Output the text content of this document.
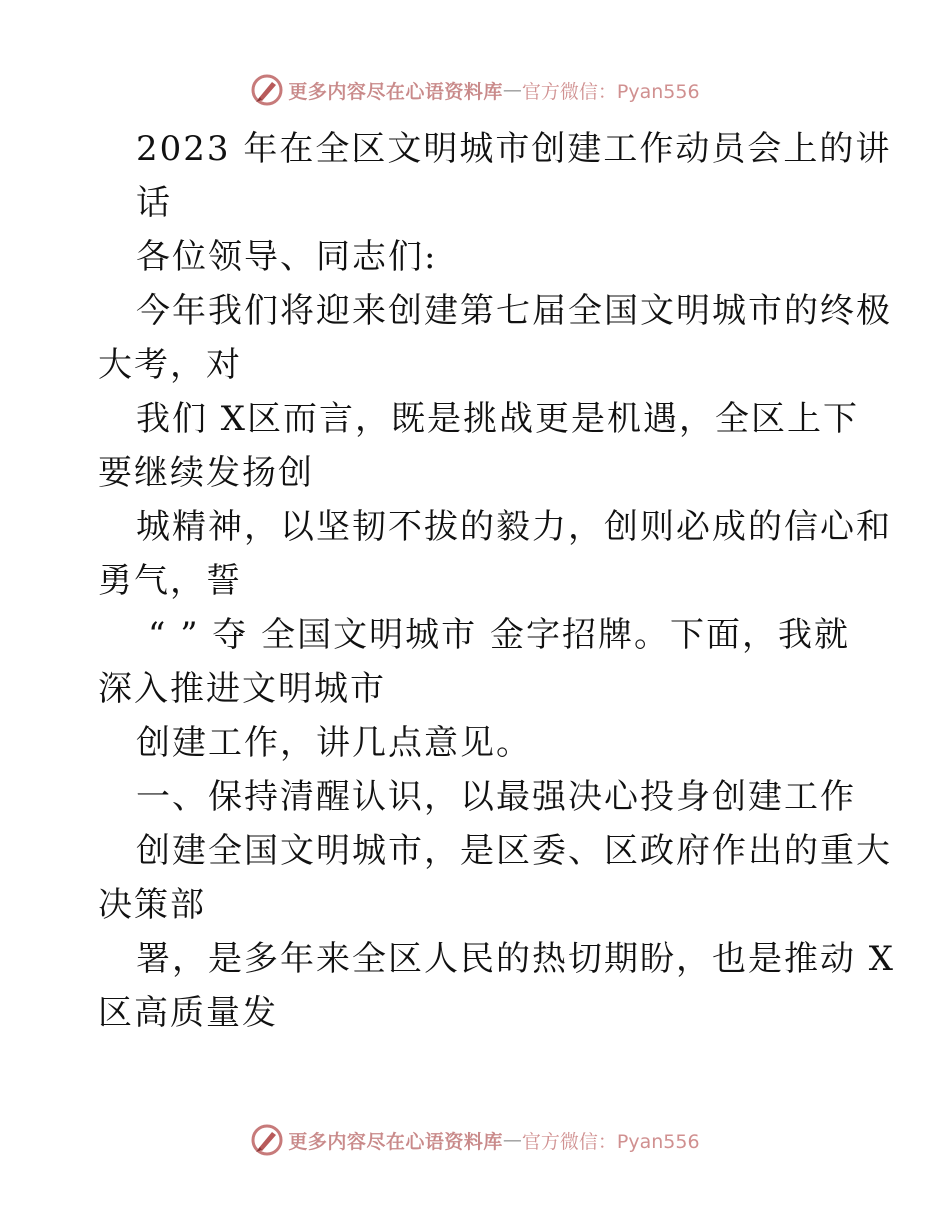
更多内容尽在心语资料库 — 官方微信：Pyan556
2023 年在全区文明城市创建工作动员会上的讲
话
各位领导、同志们:
今年我们将迎来创建第七届全国文明城市的终极
大考，对
我们 X区而言，既是挑战更是机遇，全区上下
要继续发扬创
城精神，以坚韧不拔的毅力，创则必成的信心和
勇气，誓
“ ” 夺 全国文明城市 金字招牌。下面，我就
深入推进文明城市
创建工作，讲几点意见。
一、保持清醒认识，以最强决心投身创建工作
创建全国文明城市，是区委、区政府作出的重大
决策部
署，是多年来全区人民的热切期盼，也是推动 X
区高质量发
更多内容尽在心语资料库 — 官方微信：Pyan556
